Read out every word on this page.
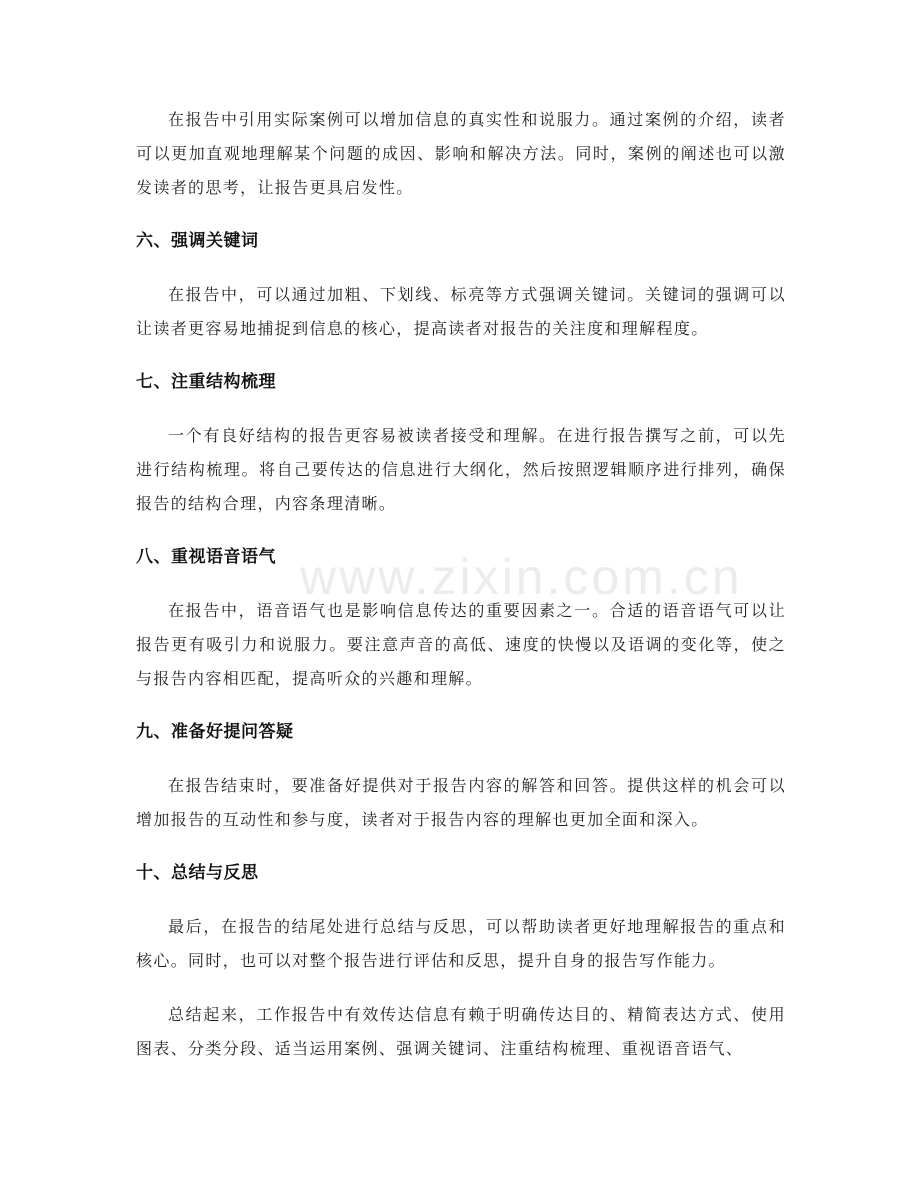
www.zixin.com.cn

在报告中引用实际案例可以增加信息的真实性和说服力。通过案例的介绍，读者可以更加直观地理解某个问题的成因、影响和解决方法。同时，案例的阐述也可以激发读者的思考，让报告更具启发性。

六、强调关键词

在报告中，可以通过加粗、下划线、标亮等方式强调关键词。关键词的强调可以让读者更容易地捕捉到信息的核心，提高读者对报告的关注度和理解程度。

七、注重结构梳理

一个有良好结构的报告更容易被读者接受和理解。在进行报告撰写之前，可以先进行结构梳理。将自己要传达的信息进行大纲化，然后按照逻辑顺序进行排列，确保报告的结构合理，内容条理清晰。

八、重视语音语气

在报告中，语音语气也是影响信息传达的重要因素之一。合适的语音语气可以让报告更有吸引力和说服力。要注意声音的高低、速度的快慢以及语调的变化等，使之与报告内容相匹配，提高听众的兴趣和理解。

九、准备好提问答疑

在报告结束时，要准备好提供对于报告内容的解答和回答。提供这样的机会可以增加报告的互动性和参与度，读者对于报告内容的理解也更加全面和深入。

十、总结与反思

最后，在报告的结尾处进行总结与反思，可以帮助读者更好地理解报告的重点和核心。同时，也可以对整个报告进行评估和反思，提升自身的报告写作能力。

总结起来，工作报告中有效传达信息有赖于明确传达目的、精简表达方式、使用图表、分类分段、适当运用案例、强调关键词、注重结构梳理、重视语音语气、
